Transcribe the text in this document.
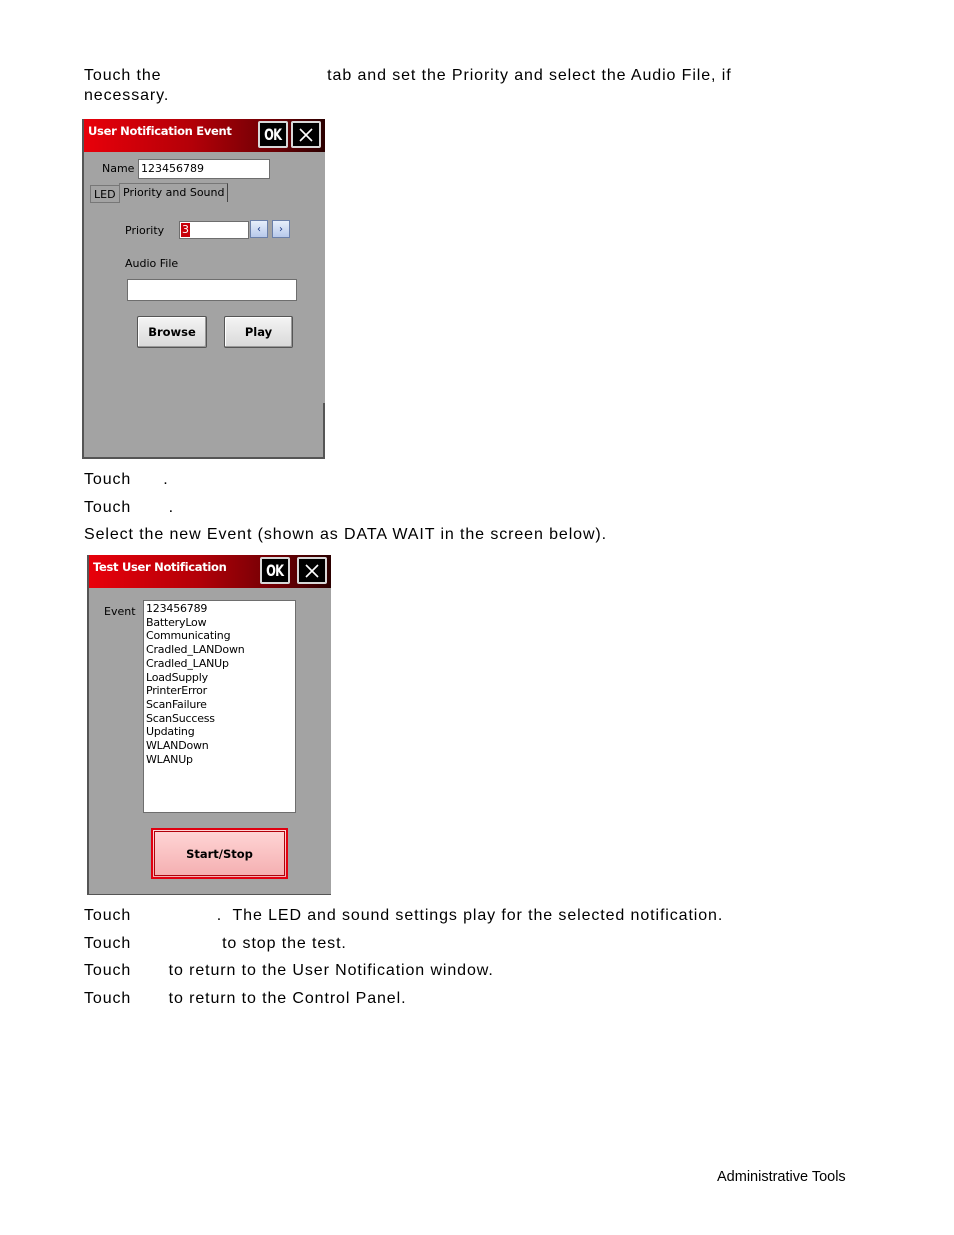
Touch the                               tab and set the Priority and select the Audio File, if
necessary.
User Notification Event OK
Name 123456789
LED Priority and Sound
Priority 3	‹ ›
Audio File
Browse	Play
Touch      .
Touch       .
Select the new Event (shown as DATA WAIT in the screen below).
Test User Notification OK
Event 123456789
BatteryLow
Communicating
Cradled_LANDown
Cradled_LANUp
LoadSupply
PrinterError
ScanFailure
ScanSuccess
Updating
WLANDown
WLANUp
Start/Stop
Touch                .  The LED and sound settings play for the selected notification.
Touch                 to stop the test.
Touch       to return to the User Notification window.
Touch       to return to the Control Panel.
Administrative Tools
